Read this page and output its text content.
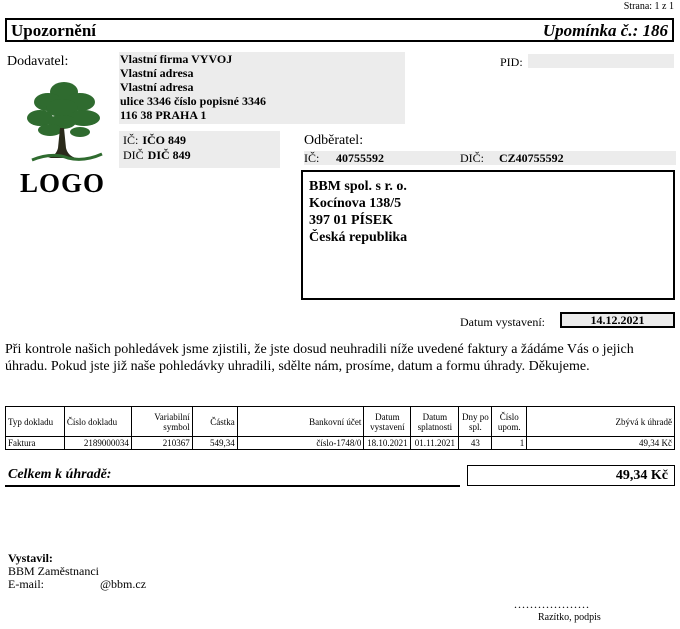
Strana: 1 z 1
Upozornění	Upomínka č.: 186
Dodavatel:	Vlastní firma VYVOJ
Vlastní adresa
Vlastní adresa
ulice 3346 číslo popisné 3346
116 38 PRAHA 1
PID:
LOGO
IČ: IČO 849
DIČ DIČ 849
Odběratel:
IČ: 40755592	DIČ: CZ40755592
BBM spol. s r. o.
Kocínova 138/5
397 01 PÍSEK
Česká republika
Datum vystavení:	14.12.2021
Při kontrole našich pohledávek jsme zjistili, že jste dosud neuhradili níže uvedené faktury a žádáme Vás o jejich úhradu. Pokud jste již naše pohledávky uhradili, sdělte nám, prosíme, datum a formu úhrady. Děkujeme.
Typ dokladu	Číslo dokladu	Variabilní symbol	Částka	Bankovní účet	Datum vystavení	Datum splatnosti	Dny po spl.	Číslo upom.	Zbývá k úhradě
Faktura	2189000034	210367	549,34	číslo-1748/0	18.10.2021	01.11.2021	43	1	49,34 Kč
Celkem k úhradě:	49,34 Kč
Vystavil:
BBM Zaměstnanci
E-mail:	@bbm.cz
...................
Razítko, podpis
